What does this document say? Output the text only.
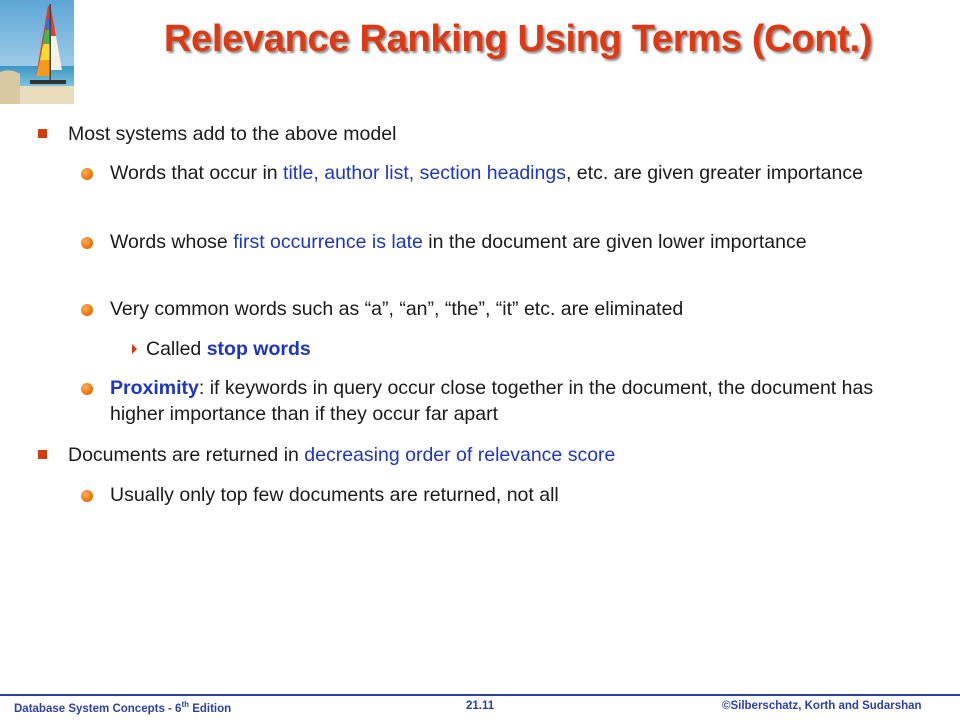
Relevance Ranking Using Terms (Cont.)
Most systems add to the above model
Words that occur in title, author list, section headings, etc. are given greater importance
Words whose first occurrence is late in the document are given lower importance
Very common words such as “a”, “an”, “the”, “it” etc. are eliminated
Called stop words
Proximity: if keywords in query occur close together in the document, the document has higher importance than if they occur far apart
Documents are returned in decreasing order of relevance score
Usually only top few documents are returned, not all
Database System Concepts - 6th Edition	21.11	©Silberschatz, Korth and Sudarshan
